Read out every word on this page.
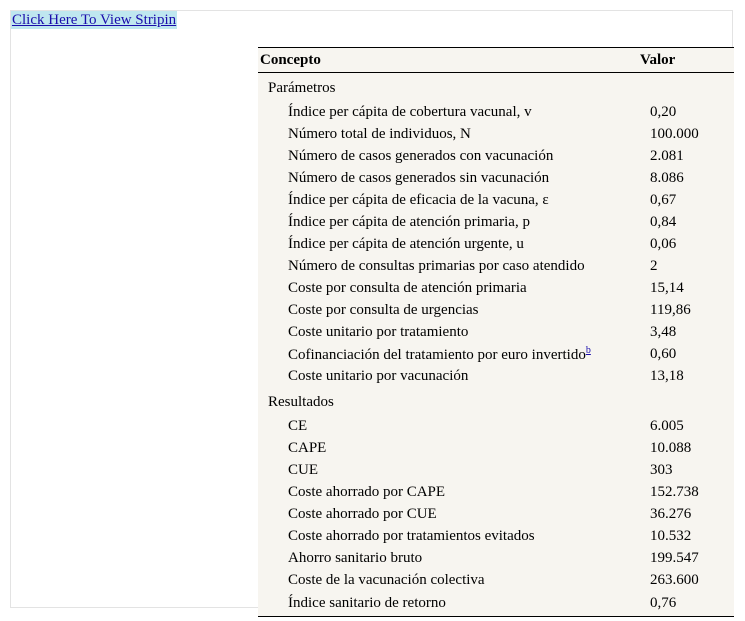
Click Here To View Stripin
Concepto	Valor
Parámetros	
Índice per cápita de cobertura vacunal, v	0,20
Número total de individuos, N	100.000
Número de casos generados con vacunación	2.081
Número de casos generados sin vacunación	8.086
Índice per cápita de eficacia de la vacuna, ε	0,67
Índice per cápita de atención primaria, p	0,84
Índice per cápita de atención urgente, u	0,06
Número de consultas primarias por caso atendido	2
Coste por consulta de atención primaria	15,14
Coste por consulta de urgencias	119,86
Coste unitario por tratamiento	3,48
Cofinanciación del tratamiento por euro invertido$^b$	0,60
Coste unitario por vacunación	13,18
Resultados	
CE	6.005
CAPE	10.088
CUE	303
Coste ahorrado por CAPE	152.738
Coste ahorrado por CUE	36.276
Coste ahorrado por tratamientos evitados	10.532
Ahorro sanitario bruto	199.547
Coste de la vacunación colectiva	263.600
Índice sanitario de retorno	0,76
